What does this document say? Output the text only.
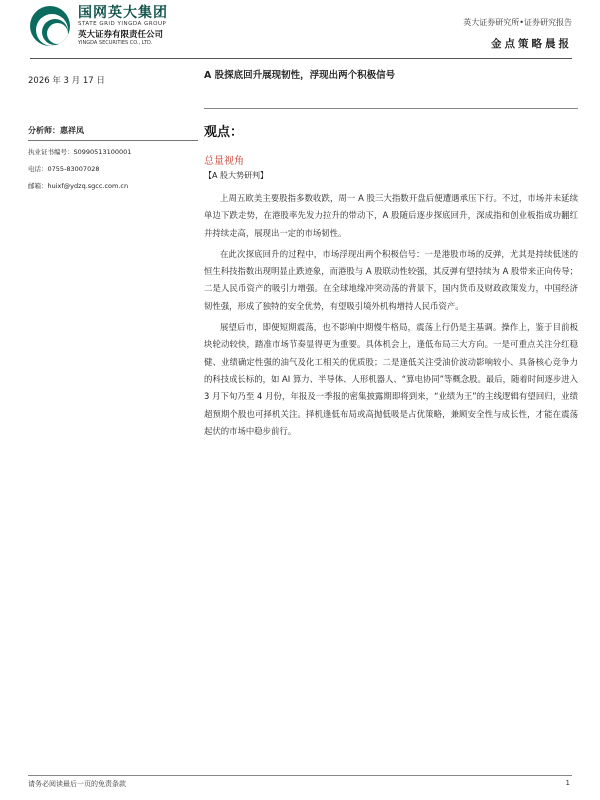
国网英大集团
STATE GRID YINGDA GROUP
英大证券有限责任公司
YINGDA SECURITIES CO., LTD.
英大证券研究所•证券研究报告
金点策略晨报
2026 年 3 月 17 日	A 股探底回升展现韧性，浮现出两个积极信号
分析师：惠祥凤
执业证书编号：S0990513100001
电话：0755-83007028
邮箱：huixf@ydzq.sgcc.com.cn
观点：
总量视角
【A 股大势研判】

上周五欧美主要股指多数收跌，周一 A 股三大指数开盘后便遭遇承压下行。不过，市场并未延续单边下跌走势，在港股率先发力拉升的带动下，A 股随后逐步探底回升，深成指和创业板指成功翻红并持续走高，展现出一定的市场韧性。

在此次探底回升的过程中，市场浮现出两个积极信号：一是港股市场的反弹，尤其是持续低迷的恒生科技指数出现明显止跌迹象，而港股与 A 股联动性较强，其反弹有望持续为 A 股带来正向传导；二是人民币资产的吸引力增强。在全球地缘冲突动荡的背景下，国内货币及财政政策发力，中国经济韧性强，形成了独特的安全优势，有望吸引境外机构增持人民币资产。

展望后市，即便短期震荡，也不影响中期慢牛格局，震荡上行仍是主基调。操作上，鉴于目前板块轮动较快，踏准市场节奏显得更为重要。具体机会上，逢低布局三大方向。一是可重点关注分红稳健、业绩确定性强的油气及化工相关的优质股；二是逢低关注受油价波动影响较小、具备核心竞争力的科技成长标的，如 AI 算力、半导体、人形机器人、“算电协同”等概念股。最后，随着时间逐步进入 3 月下旬乃至 4 月份，年报及一季报的密集披露期即将到来，“业绩为王”的主线逻辑有望回归，业绩超预期个股也可择机关注。择机逢低布局或高抛低吸是占优策略，兼顾安全性与成长性，才能在震荡起伏的市场中稳步前行。

请务必阅读最后一页的免责条款	1
